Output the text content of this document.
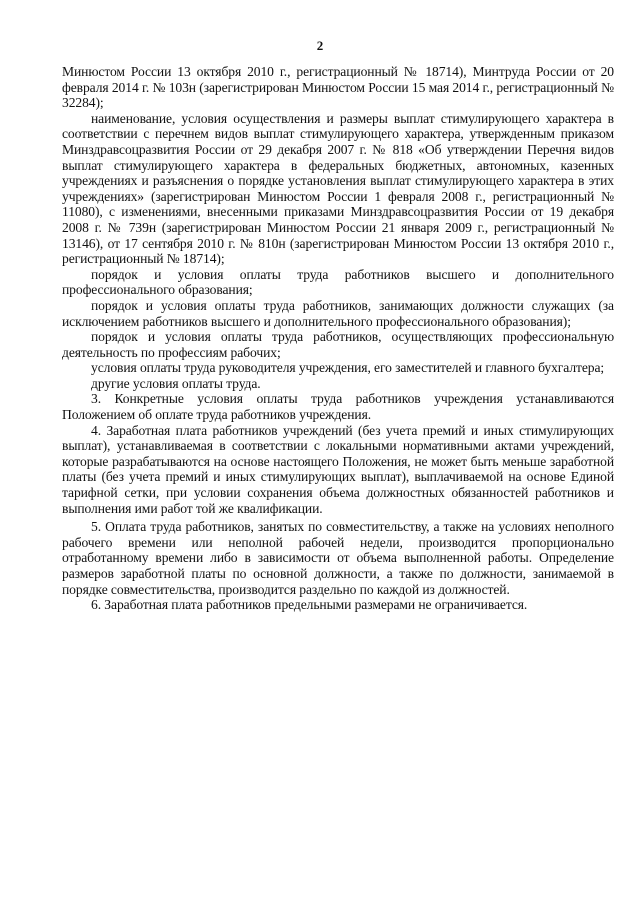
2

Минюстом России 13 октября 2010 г., регистрационный № 18714), Минтруда России от 20 февраля 2014 г. № 103н (зарегистрирован Минюстом России 15 мая 2014 г., регистрационный № 32284);

наименование, условия осуществления и размеры выплат стимулирующего характера в соответствии с перечнем видов выплат стимулирующего характера, утвержденным приказом Минздравсоцразвития России от 29 декабря 2007 г. № 818 «Об утверждении Перечня видов выплат стимулирующего характера в федеральных бюджетных, автономных, казенных учреждениях и разъяснения о порядке установления выплат стимулирующего характера в этих учреждениях» (зарегистрирован Минюстом России 1 февраля 2008 г., регистрационный № 11080), с изменениями, внесенными приказами Минздравсоцразвития России от 19 декабря 2008 г. № 739н (зарегистрирован Минюстом России 21 января 2009 г., регистрационный № 13146), от 17 сентября 2010 г. № 810н (зарегистрирован Минюстом России 13 октября 2010 г., регистрационный № 18714);

порядок и условия оплаты труда работников высшего и дополнительного профессионального образования;

порядок и условия оплаты труда работников, занимающих должности служащих (за исключением работников высшего и дополнительного профессионального образования);

порядок и условия оплаты труда работников, осуществляющих профессиональную деятельность по профессиям рабочих;

условия оплаты труда руководителя учреждения, его заместителей и главного бухгалтера;

другие условия оплаты труда.

3. Конкретные условия оплаты труда работников учреждения устанавливаются Положением об оплате труда работников учреждения.

4. Заработная плата работников учреждений (без учета премий и иных стимулирующих выплат), устанавливаемая в соответствии с локальными нормативными актами учреждений, которые разрабатываются на основе настоящего Положения, не может быть меньше заработной платы (без учета премий и иных стимулирующих выплат), выплачиваемой на основе Единой тарифной сетки, при условии сохранения объема должностных обязанностей работников и выполнения ими работ той же квалификации.

5. Оплата труда работников, занятых по совместительству, а также на условиях неполного рабочего времени или неполной рабочей недели, производится пропорционально отработанному времени либо в зависимости от объема выполненной работы. Определение размеров заработной платы по основной должности, а также по должности, занимаемой в порядке совместительства, производится раздельно по каждой из должностей.

6. Заработная плата работников предельными размерами не ограничивается.
